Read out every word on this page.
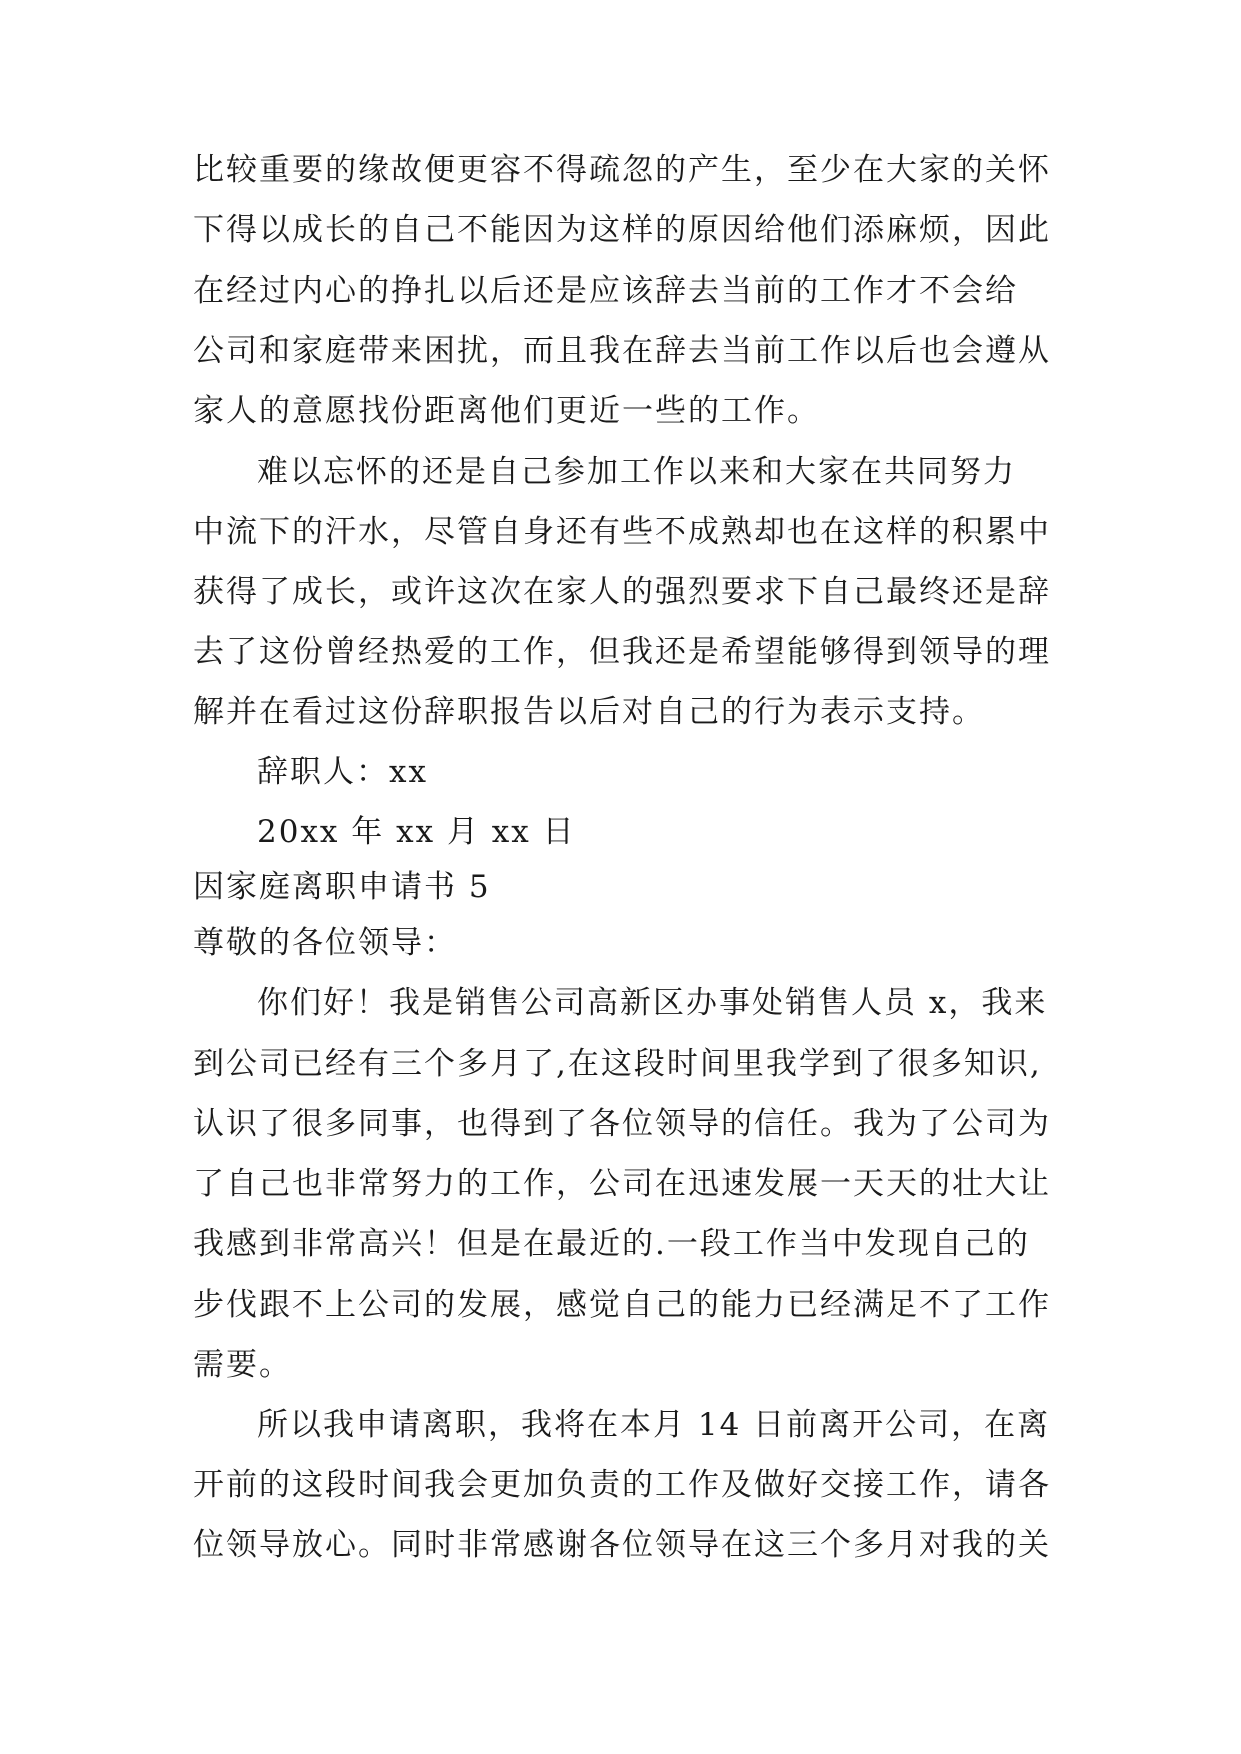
比较重要的缘故便更容不得疏忽的产生，至少在大家的关怀
下得以成长的自己不能因为这样的原因给他们添麻烦，因此
在经过内心的挣扎以后还是应该辞去当前的工作才不会给
公司和家庭带来困扰，而且我在辞去当前工作以后也会遵从
家人的意愿找份距离他们更近一些的工作。
难以忘怀的还是自己参加工作以来和大家在共同努力
中流下的汗水，尽管自身还有些不成熟却也在这样的积累中
获得了成长，或许这次在家人的强烈要求下自己最终还是辞
去了这份曾经热爱的工作，但我还是希望能够得到领导的理
解并在看过这份辞职报告以后对自己的行为表示支持。
辞职人：xx
20xx 年 xx 月 xx 日
因家庭离职申请书 5
尊敬的各位领导：
你们好！我是销售公司高新区办事处销售人员 x，我来
到公司已经有三个多月了,在这段时间里我学到了很多知识,
认识了很多同事，也得到了各位领导的信任。我为了公司为
了自己也非常努力的工作，公司在迅速发展一天天的壮大让
我感到非常高兴！但是在最近的.一段工作当中发现自己的
步伐跟不上公司的发展，感觉自己的能力已经满足不了工作
需要。
所以我申请离职，我将在本月 14 日前离开公司，在离
开前的这段时间我会更加负责的工作及做好交接工作，请各
位领导放心。同时非常感谢各位领导在这三个多月对我的关
